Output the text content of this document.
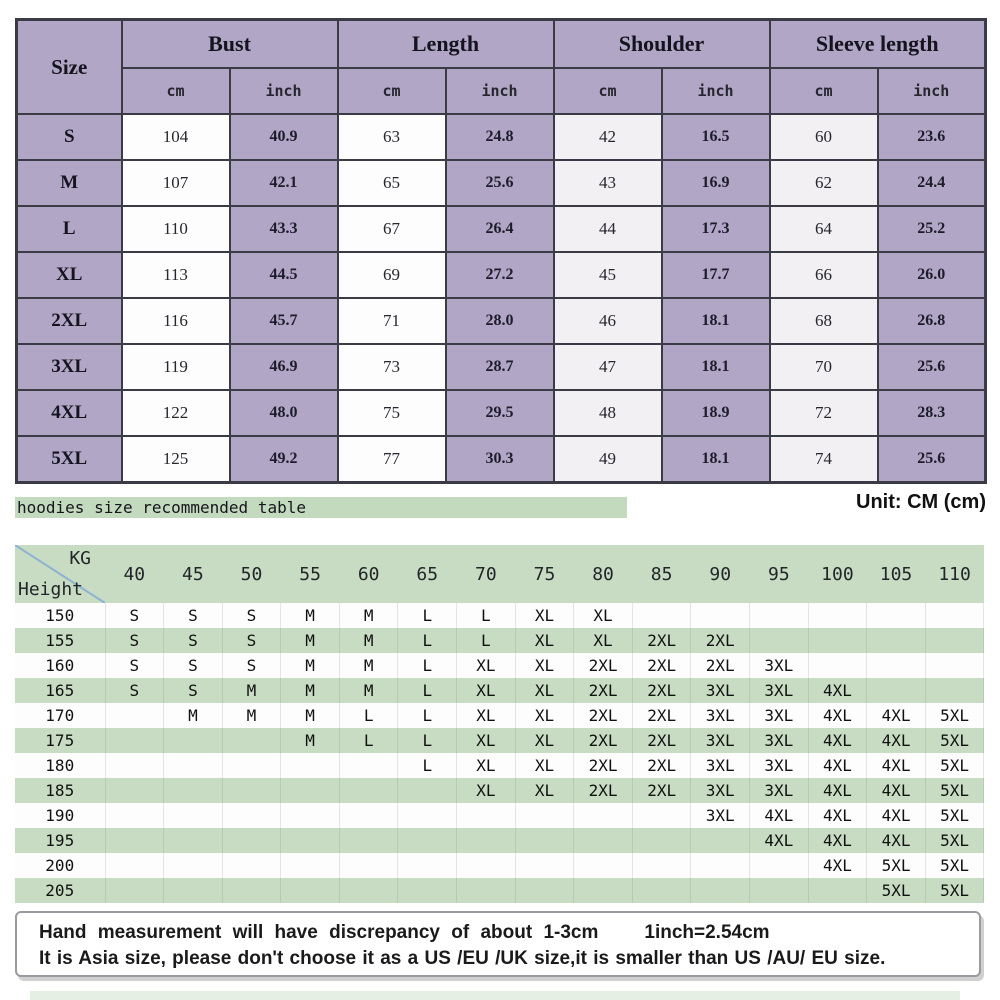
Size	Bust		Length		Shoulder		Sleeve length	
	cm	inch	cm	inch	cm	inch	cm	inch
S	104	40.9	63	24.8	42	16.5	60	23.6
M	107	42.1	65	25.6	43	16.9	62	24.4
L	110	43.3	67	26.4	44	17.3	64	25.2
XL	113	44.5	69	27.2	45	17.7	66	26.0
2XL	116	45.7	71	28.0	46	18.1	68	26.8
3XL	119	46.9	73	28.7	47	18.1	70	25.6
4XL	122	48.0	75	29.5	48	18.9	72	28.3
5XL	125	49.2	77	30.3	49	18.1	74	25.6
hoodies size recommended table	Unit: CM (cm)
KG
Height	40	45	50	55	60	65	70	75	80	85	90	95	100	105	110
150	S	S	S	M	M	L	L	XL	XL						
155	S	S	S	M	M	L	L	XL	XL	2XL	2XL				
160	S	S	S	M	M	L	XL	XL	2XL	2XL	2XL	3XL			
165	S	S	M	M	M	L	XL	XL	2XL	2XL	3XL	3XL	4XL		
170		M	M	M	L	L	XL	XL	2XL	2XL	3XL	3XL	4XL	4XL	5XL
175				M	L	L	XL	XL	2XL	2XL	3XL	3XL	4XL	4XL	5XL
180						L	XL	XL	2XL	2XL	3XL	3XL	4XL	4XL	5XL
185							XL	XL	2XL	2XL	3XL	3XL	4XL	4XL	5XL
190											3XL	4XL	4XL	4XL	5XL
195												4XL	4XL	4XL	5XL
200													4XL	5XL	5XL
205														5XL	5XL
Hand measurement will have discrepancy of about 1-3cm 1inch=2.54cm
It is Asia size, please don't choose it as a US /EU /UK size,it is smaller than US /AU/ EU size.
